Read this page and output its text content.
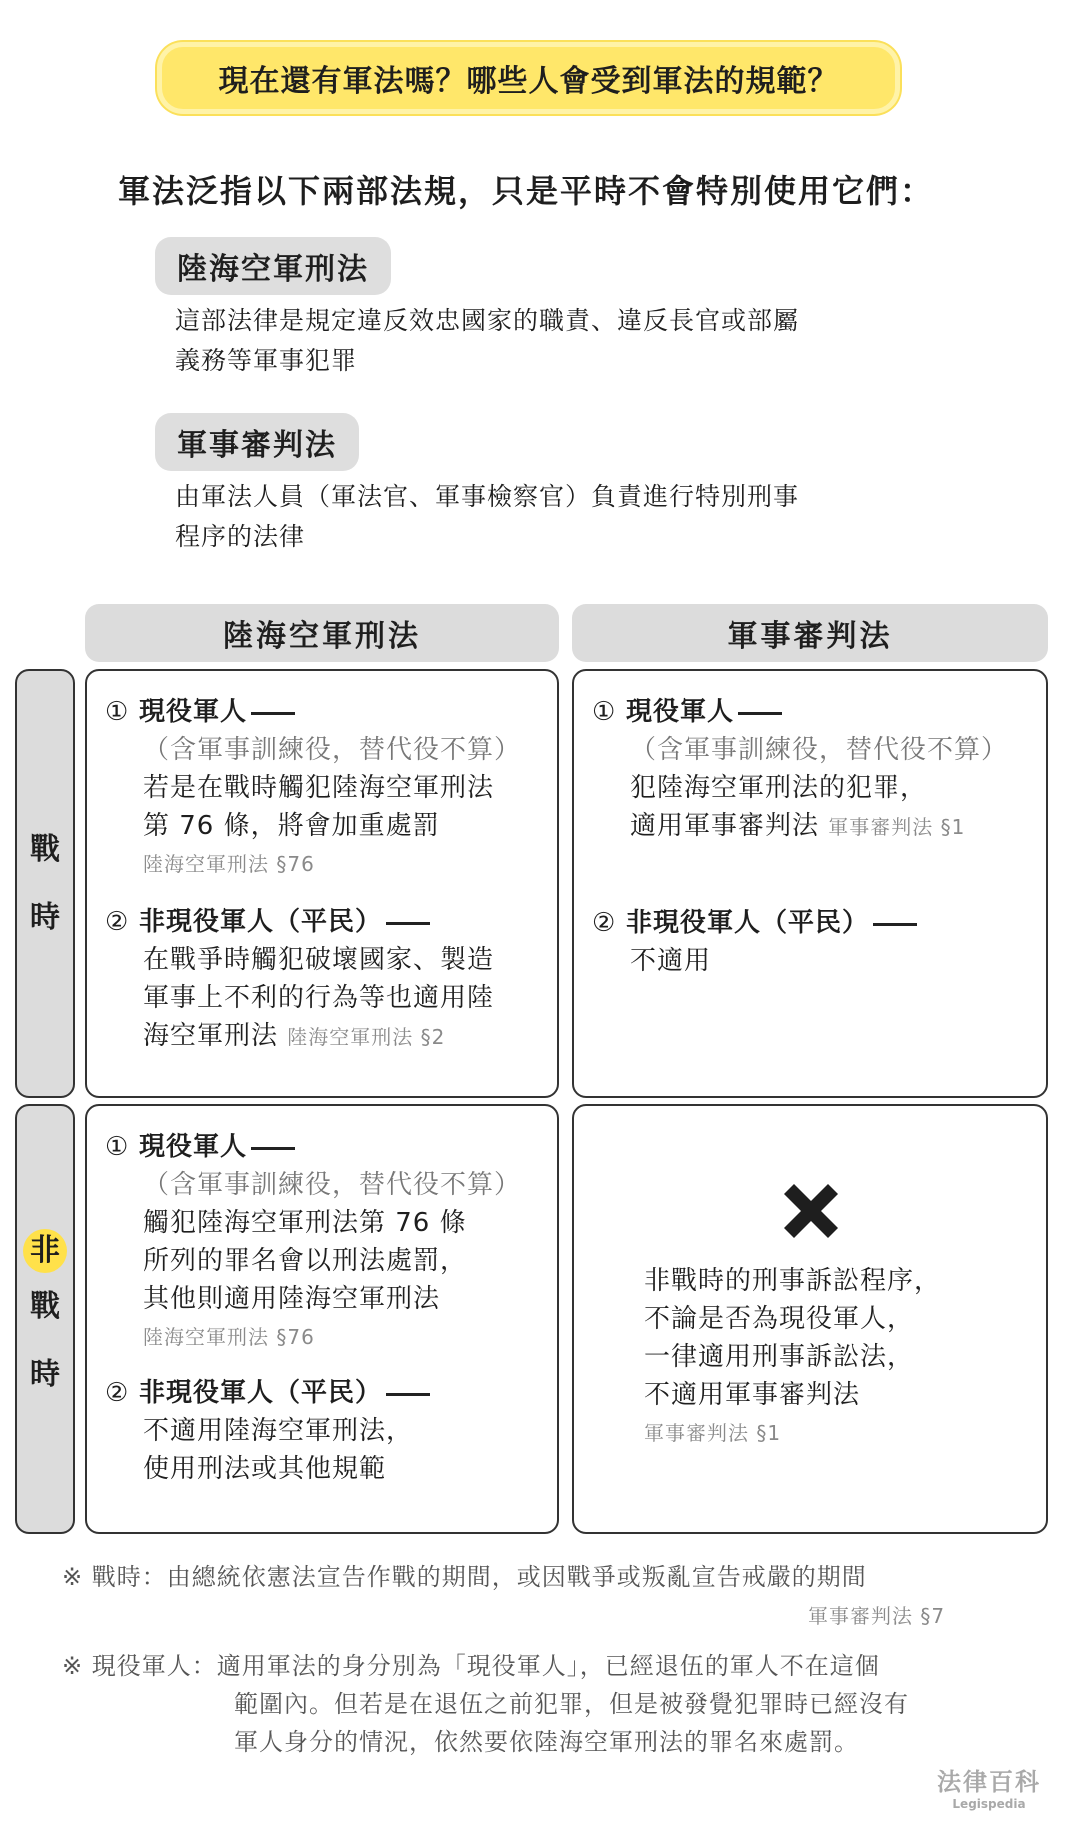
現在還有軍法嗎？哪些人會受到軍法的規範？
軍法泛指以下兩部法規，只是平時不會特別使用它們：
陸海空軍刑法
這部法律是規定違反效忠國家的職責、違反長官或部屬
義務等軍事犯罪
軍事審判法
由軍法人員（軍法官、軍事檢察官）負責進行特別刑事
程序的法律
陸海空軍刑法	軍事審判法
戰
時
非
戰
時
① 現役軍人
（含軍事訓練役，替代役不算）
若是在戰時觸犯陸海空軍刑法
第 76 條，將會加重處罰
陸海空軍刑法 §76
② 非現役軍人（平民）
在戰爭時觸犯破壞國家、製造
軍事上不利的行為等也適用陸
海空軍刑法 陸海空軍刑法 §2
① 現役軍人
（含軍事訓練役，替代役不算）
犯陸海空軍刑法的犯罪，
適用軍事審判法 軍事審判法 §1
② 非現役軍人（平民）
不適用
① 現役軍人
（含軍事訓練役，替代役不算）
觸犯陸海空軍刑法第 76 條
所列的罪名會以刑法處罰，
其他則適用陸海空軍刑法
陸海空軍刑法 §76
② 非現役軍人（平民）
不適用陸海空軍刑法，
使用刑法或其他規範
非戰時的刑事訴訟程序，
不論是否為現役軍人，
一律適用刑事訴訟法，
不適用軍事審判法
軍事審判法 §1
※ 戰時：由總統依憲法宣告作戰的期間，或因戰爭或叛亂宣告戒嚴的期間
軍事審判法 §7
※ 現役軍人：適用軍法的身分別為「現役軍人」，已經退伍的軍人不在這個
範圍內。但若是在退伍之前犯罪，但是被發覺犯罪時已經沒有
軍人身分的情況，依然要依陸海空軍刑法的罪名來處罰。
法律百科
Legispedia
